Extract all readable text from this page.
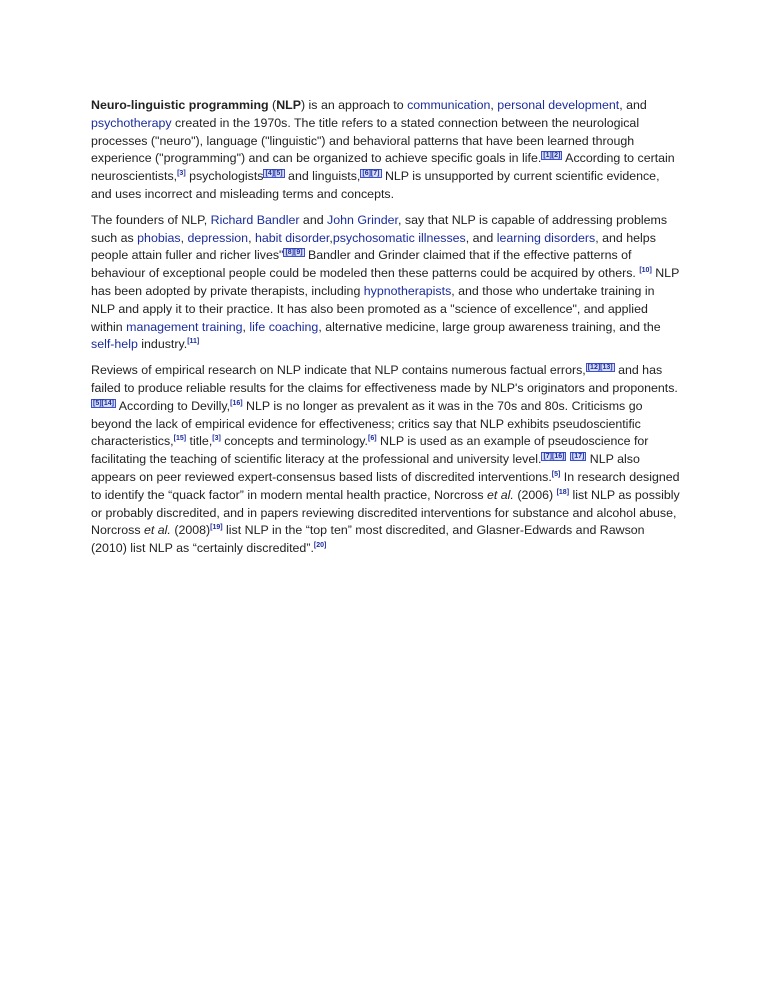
Neuro-linguistic programming (NLP) is an approach to communication, personal development, and psychotherapy created in the 1970s. The title refers to a stated connection between the neurological processes ("neuro"), language ("linguistic") and behavioral patterns that have been learned through experience ("programming") and can be organized to achieve specific goals in life. [1][2] According to certain neuroscientists,[3] psychologists [4][5] and linguists, [6][7] NLP is unsupported by current scientific evidence, and uses incorrect and misleading terms and concepts.

The founders of NLP, Richard Bandler and John Grinder, say that NLP is capable of addressing problems such as phobias, depression, habit disorder,psychosomatic illnesses, and learning disorders, and helps people attain fuller and richer lives" [8][9] Bandler and Grinder claimed that if the effective patterns of behaviour of exceptional people could be modeled then these patterns could be acquired by others. [10] NLP has been adopted by private therapists, including hypnotherapists, and those who undertake training in NLP and apply it to their practice. It has also been promoted as a "science of excellence", and applied within management training, life coaching, alternative medicine, large group awareness training, and the self-help industry.[11]

Reviews of empirical research on NLP indicate that NLP contains numerous factual errors, [12][13] and has failed to produce reliable results for the claims for effectiveness made by NLP's originators and proponents.[5][14] According to Devilly,[16] NLP is no longer as prevalent as it was in the 70s and 80s. Criticisms go beyond the lack of empirical evidence for effectiveness; critics say that NLP exhibits pseudoscientific characteristics,[15] title,[3] concepts and terminology.[6] NLP is used as an example of pseudoscience for facilitating the teaching of scientific literacy at the professional and university level. [7][16] [17] NLP also appears on peer reviewed expert-consensus based lists of discredited interventions.[5] In research designed to identify the “quack factor” in modern mental health practice, Norcross et al. (2006) [18] list NLP as possibly or probably discredited, and in papers reviewing discredited interventions for substance and alcohol abuse, Norcross et al. (2008)[19] list NLP in the “top ten” most discredited, and Glasner-Edwards and Rawson (2010) list NLP as “certainly discredited”.[20]
